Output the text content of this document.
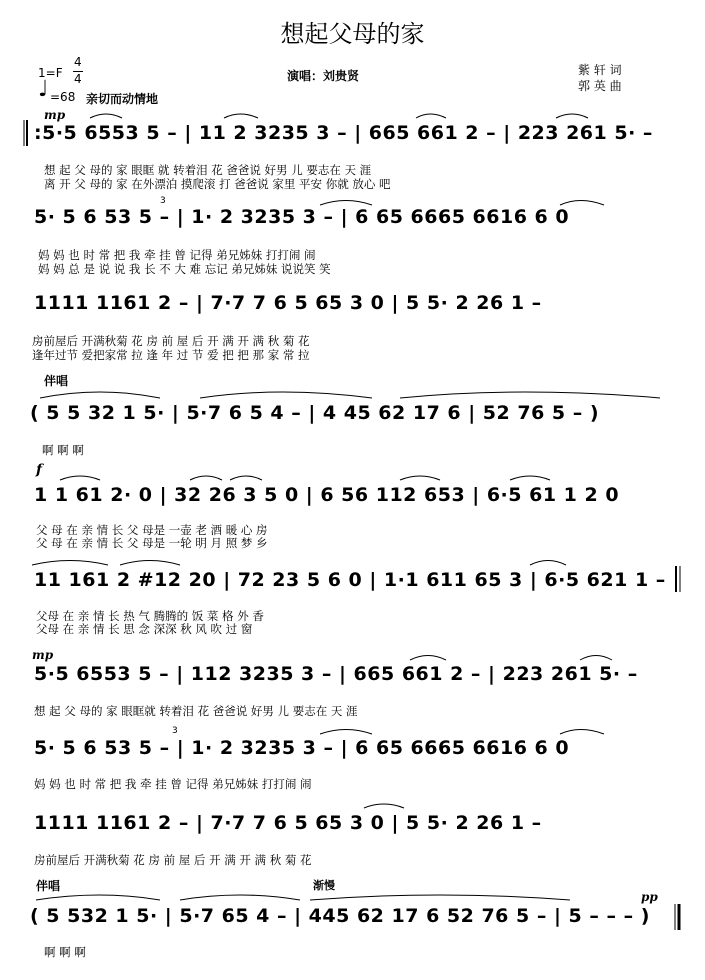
想起父母的家
1=F
4
4
♩ =68 亲切而动情地
演唱：刘贵贤	紫 轩 词
郭 英 曲
mp
:5·5 6553 5 – | 11 2 3235 3 – | 665 661 2 – | 223 261 5· –
想 起 父 母的 家 眼眶 就 转着泪 花 爸爸说 好男 儿 要志在 天 涯
离 开 父 母的 家 在外漂泊 摸爬滚 打 爸爸说 家里 平安 你就 放心 吧
5· 5 6 53 5 – | 1· 2 3235 3 – | 6 65 6665 6616 6 0
妈 妈 也 时 常 把 我 牵 挂 曾 记得 弟兄姊妹 打打闹 闹
妈 妈 总 是 说 说 我 长 不 大 难 忘记 弟兄姊妹 说说笑 笑
1111 1161 2 – | 7·7 7 6 5 65 3 0 | 5 5· 2 26 1 –
房前屋后 开满秋菊 花 房 前 屋 后 开 满 开 满 秋 菊 花
逢年过节 爱把家常 拉 逢 年 过 节 爱 把 把 那 家 常 拉
伴唱
( 5 5 32 1 5· | 5·7 6 5 4 – | 4 45 62 17 6 | 52 76 5 – )
啊 啊 啊
f
1 1 61 2· 0 | 32 26 3 5 0 | 6 56 112 653 | 6·5 61 1 2 0
父 母 在 亲 情 长 父 母是 一壶 老 酒 暖 心 房
父 母 在 亲 情 长 父 母是 一轮 明 月 照 梦 乡
11 161 2 #12 20 | 72 23 5 6 0 | 1·1 611 65 3 | 6·5 621 1 –
父母 在 亲 情 长 热 气 腾腾的 饭 菜 格 外 香
父母 在 亲 情 长 思 念 深深 秋 风 吹 过 窗
mp
5·5 6553 5 – | 112 3235 3 – | 665 661 2 – | 223 261 5· –
想 起 父 母的 家 眼眶就 转着泪 花 爸爸说 好男 儿 要志在 天 涯
5· 5 6 53 5 – | 1· 2 3235 3 – | 6 65 6665 6616 6 0
妈 妈 也 时 常 把 我 牵 挂 曾 记得 弟兄姊妹 打打闹 闹
1111 1161 2 – | 7·7 7 6 5 65 3 0 | 5 5· 2 26 1 –
房前屋后 开满秋菊 花 房 前 屋 后 开 满 开 满 秋 菊 花
伴唱	渐慢
pp
( 5 532 1 5· | 5·7 65 4 – | 445 62 17 6 52 76 5 – | 5 – – – )
啊 啊 啊
3
3
